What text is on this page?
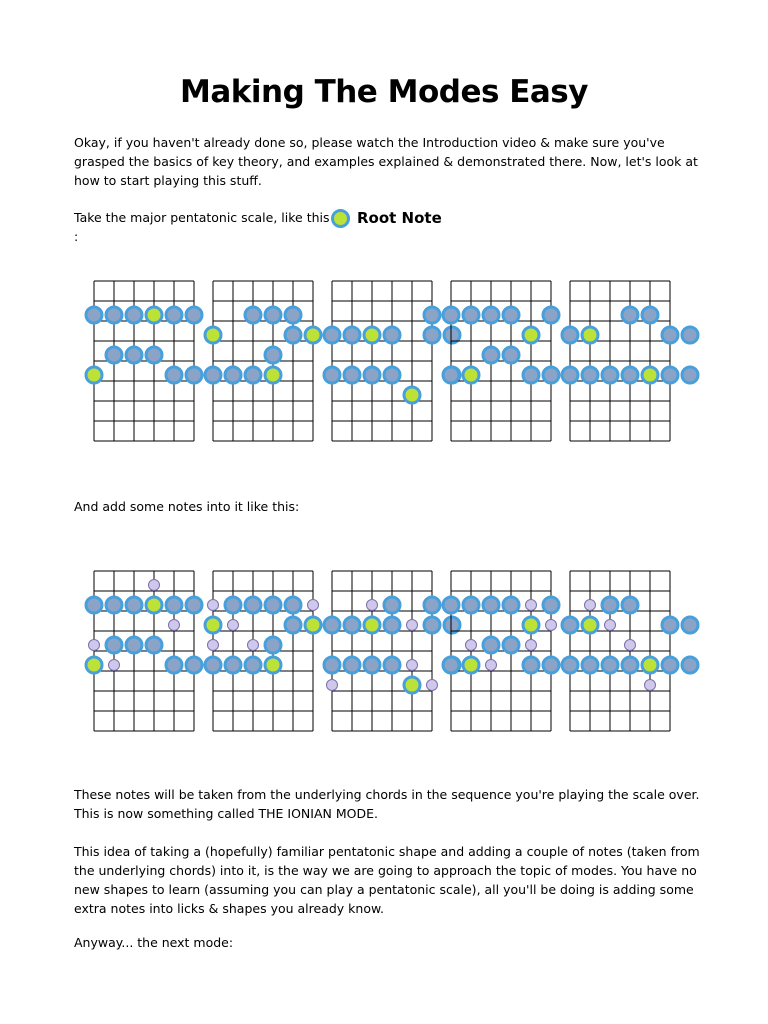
Making The Modes Easy

Okay, if you haven't already done so, please watch the Introduction video & make sure you've grasped the basics of key theory, and examples explained & demonstrated there. Now, let's look at how to start playing this stuff.

Take the major pentatonic scale, like this :

Root Note

And add some notes into it like this:

These notes will be taken from the underlying chords in the sequence you're playing the scale over. This is now something called THE IONIAN MODE.

This idea of taking a (hopefully) familiar pentatonic shape and adding a couple of notes (taken from the underlying chords) into it, is the way we are going to approach the topic of modes. You have no new shapes to learn (assuming you can play a pentatonic scale), all you'll be doing is adding some extra notes into licks & shapes you already know.

Anyway... the next mode:
